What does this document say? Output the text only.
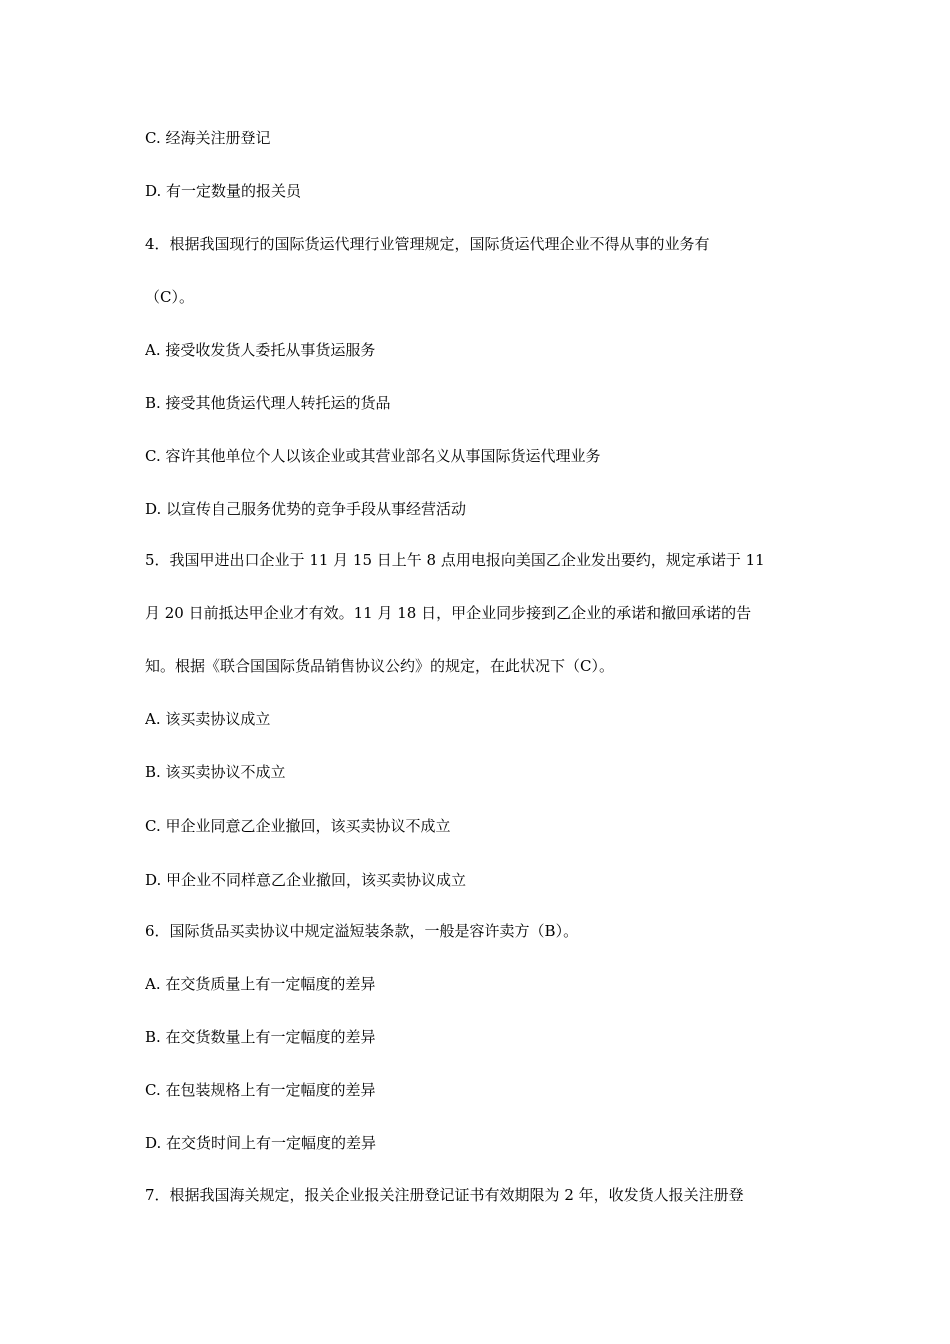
C. 经海关注册登记
D. 有一定数量的报关员
4．根据我国现行的国际货运代理行业管理规定，国际货运代理企业不得从事的业务有
（C）。
A. 接受收发货人委托从事货运服务
B. 接受其他货运代理人转托运的货品
C. 容许其他单位个人以该企业或其营业部名义从事国际货运代理业务
D. 以宣传自己服务优势的竞争手段从事经营活动
5．我国甲进出口企业于 11 月 15 日上午 8 点用电报向美国乙企业发出要约，规定承诺于 11
月 20 日前抵达甲企业才有效。11 月 18 日，甲企业同步接到乙企业的承诺和撤回承诺的告
知。根据《联合国国际货品销售协议公约》的规定，在此状况下（C）。
A. 该买卖协议成立
B. 该买卖协议不成立
C. 甲企业同意乙企业撤回，该买卖协议不成立
D. 甲企业不同样意乙企业撤回，该买卖协议成立
6．国际货品买卖协议中规定溢短装条款，一般是容许卖方（B）。
A. 在交货质量上有一定幅度的差异
B. 在交货数量上有一定幅度的差异
C. 在包装规格上有一定幅度的差异
D. 在交货时间上有一定幅度的差异
7．根据我国海关规定，报关企业报关注册登记证书有效期限为 2 年，收发货人报关注册登
